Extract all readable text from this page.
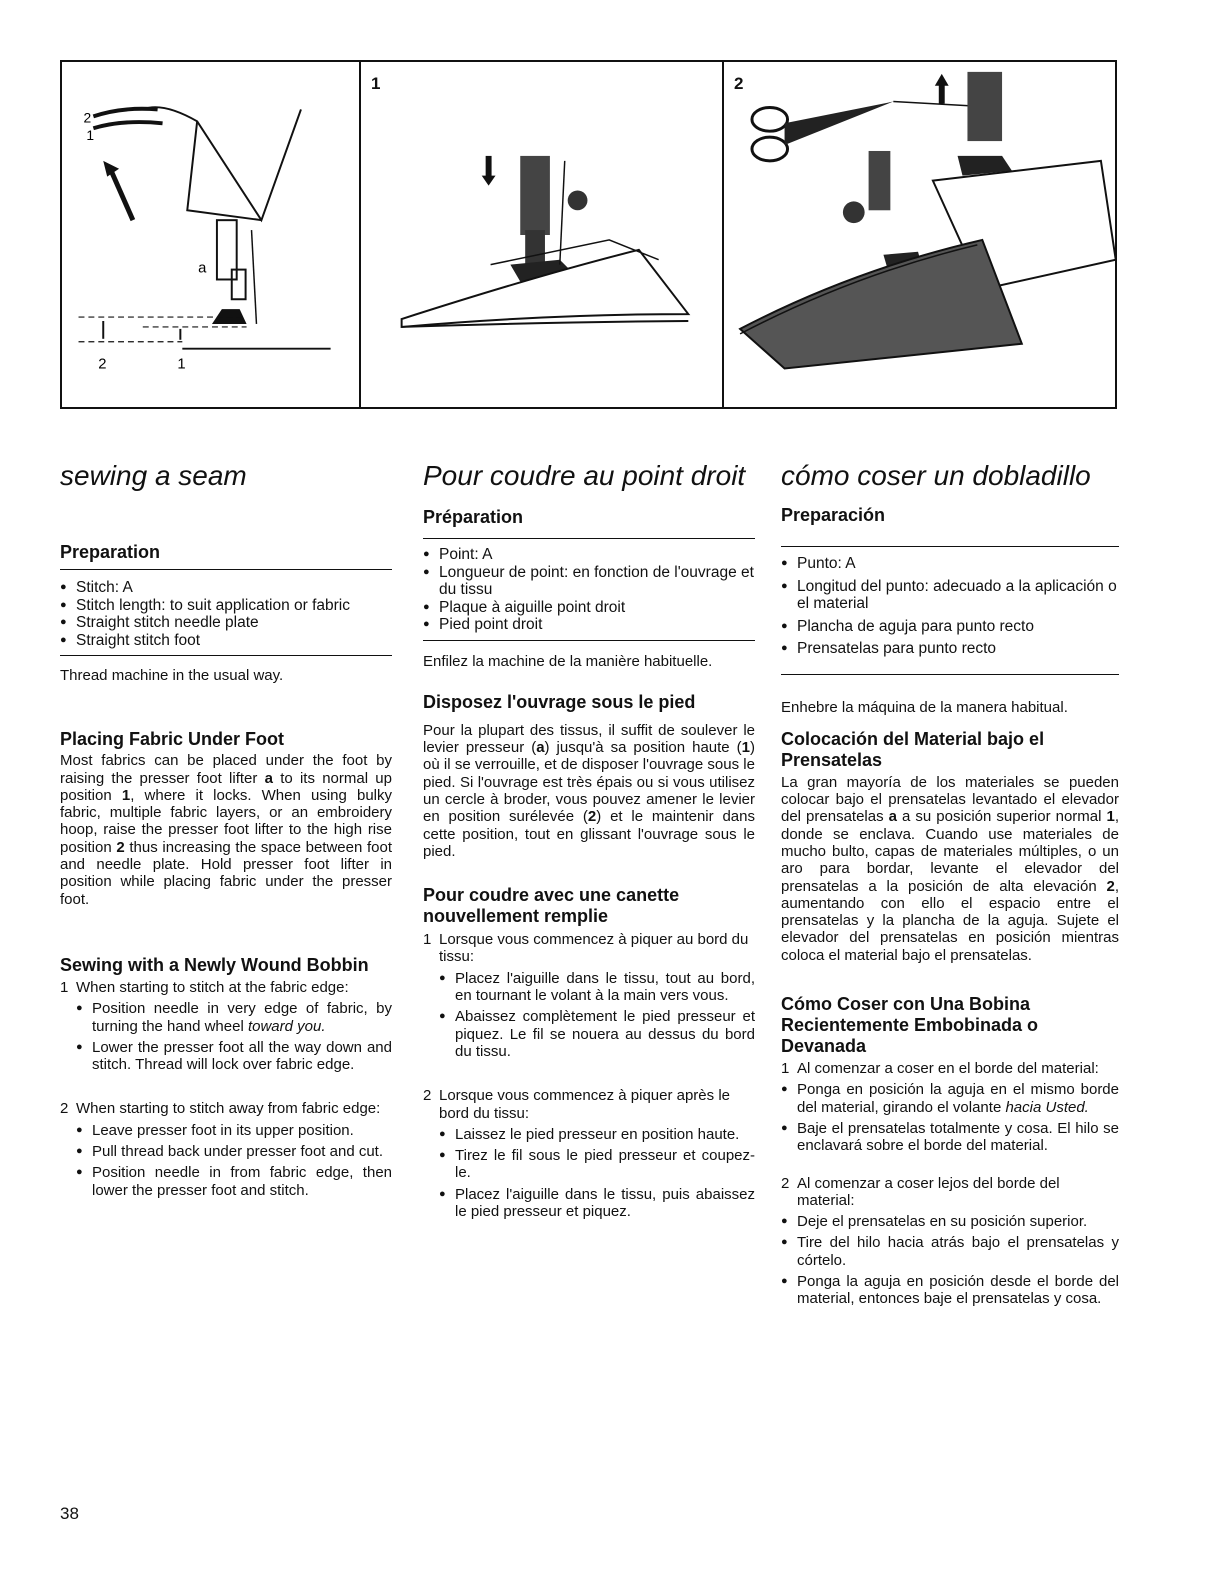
2
1
a
2	1
1	2
sewing a seam
Preparation
● Stitch: A
● Stitch length: to suit application or fabric
● Straight stitch needle plate
● Straight stitch foot

Thread machine in the usual way.

Placing Fabric Under Foot

Most fabrics can be placed under the foot by raising the presser foot lifter a to its normal up position 1, where it locks. When using bulky fabric, multiple fabric layers, or an embroidery hoop, raise the presser foot lifter to the high rise position 2 thus increasing the space between foot and needle plate. Hold presser foot lifter in position while placing fabric under the presser foot.

Sewing with a Newly Wound Bobbin
1 When starting to stitch at the fabric edge:
● Position needle in very edge of fabric, by turning the hand wheel toward you.
● Lower the presser foot all the way down and stitch. Thread will lock over fabric edge.
2 When starting to stitch away from fabric edge:
● Leave presser foot in its upper position.
● Pull thread back under presser foot and cut.
● Position needle in from fabric edge, then lower the presser foot and stitch.
Pour coudre au point droit
Préparation
● Point: A
● Longueur de point: en fonction de l'ouvrage et du tissu
● Plaque à aiguille point droit
● Pied point droit

Enfilez la machine de la manière habituelle.

Disposez l'ouvrage sous le pied

Pour la plupart des tissus, il suffit de soulever le levier presseur (a) jusqu'à sa position haute (1) où il se verrouille, et de disposer l'ouvrage sous le pied. Si l'ouvrage est très épais ou si vous utilisez un cercle à broder, vous pouvez amener le levier en position surélevée (2) et le maintenir dans cette position, tout en glissant l'ouvrage sous le pied.

Pour coudre avec une canette nouvellement remplie
1 Lorsque vous commencez à piquer au bord du tissu:
● Placez l'aiguille dans le tissu, tout au bord, en tournant le volant à la main vers vous.
● Abaissez complètement le pied presseur et piquez. Le fil se nouera au dessus du bord du tissu.
2 Lorsque vous commencez à piquer après le bord du tissu:
● Laissez le pied presseur en position haute.
● Tirez le fil sous le pied presseur et coupez-le.
● Placez l'aiguille dans le tissu, puis abaissez le pied presseur et piquez.
cómo coser un dobladillo
Preparación
● Punto: A
● Longitud del punto: adecuado a la aplicación o el material
● Plancha de aguja para punto recto
● Prensatelas para punto recto

Enhebre la máquina de la manera habitual.

Colocación del Material bajo el Prensatelas

La gran mayoría de los materiales se pueden colocar bajo el prensatelas levantado el elevador del prensatelas a a su posición superior normal 1, donde se enclava. Cuando use materiales de mucho bulto, capas de materiales múltiples, o un aro para bordar, levante el elevador del prensatelas a la posición de alta elevación 2, aumentando con ello el espacio entre el prensatelas y la plancha de la aguja. Sujete el elevador del prensatelas en posición mientras coloca el material bajo el prensatelas.

Cómo Coser con Una Bobina Recientemente Embobinada o Devanada
1 Al comenzar a coser en el borde del material:
● Ponga en posición la aguja en el mismo borde del material, girando el volante hacia Usted.
● Baje el prensatelas totalmente y cosa. El hilo se enclavará sobre el borde del material.
2 Al comenzar a coser lejos del borde del material:
● Deje el prensatelas en su posición superior.
● Tire del hilo hacia atrás bajo el prensatelas y córtelo.
● Ponga la aguja en posición desde el borde del material, entonces baje el prensatelas y cosa.
38
